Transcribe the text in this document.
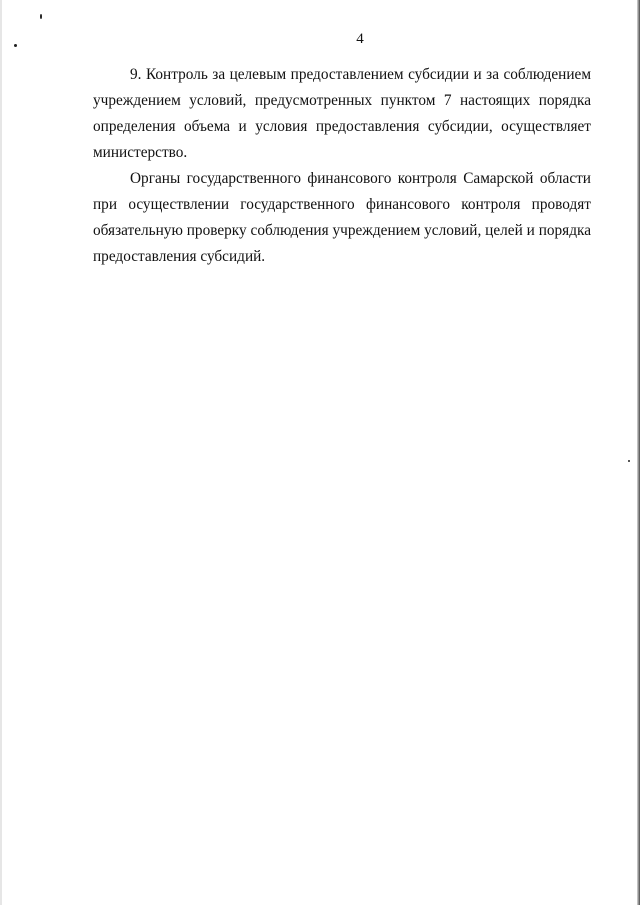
4

9. Контроль за целевым предоставлением субсидии и за соблюдением учреждением условий, предусмотренных пунктом 7 настоящих порядка определения объема и условия предоставления субсидии, осуществляет министерство.

Органы государственного финансового контроля Самарской области при осуществлении государственного финансового контроля проводят обязательную проверку соблюдения учреждением условий, целей и порядка предоставления субсидий.
